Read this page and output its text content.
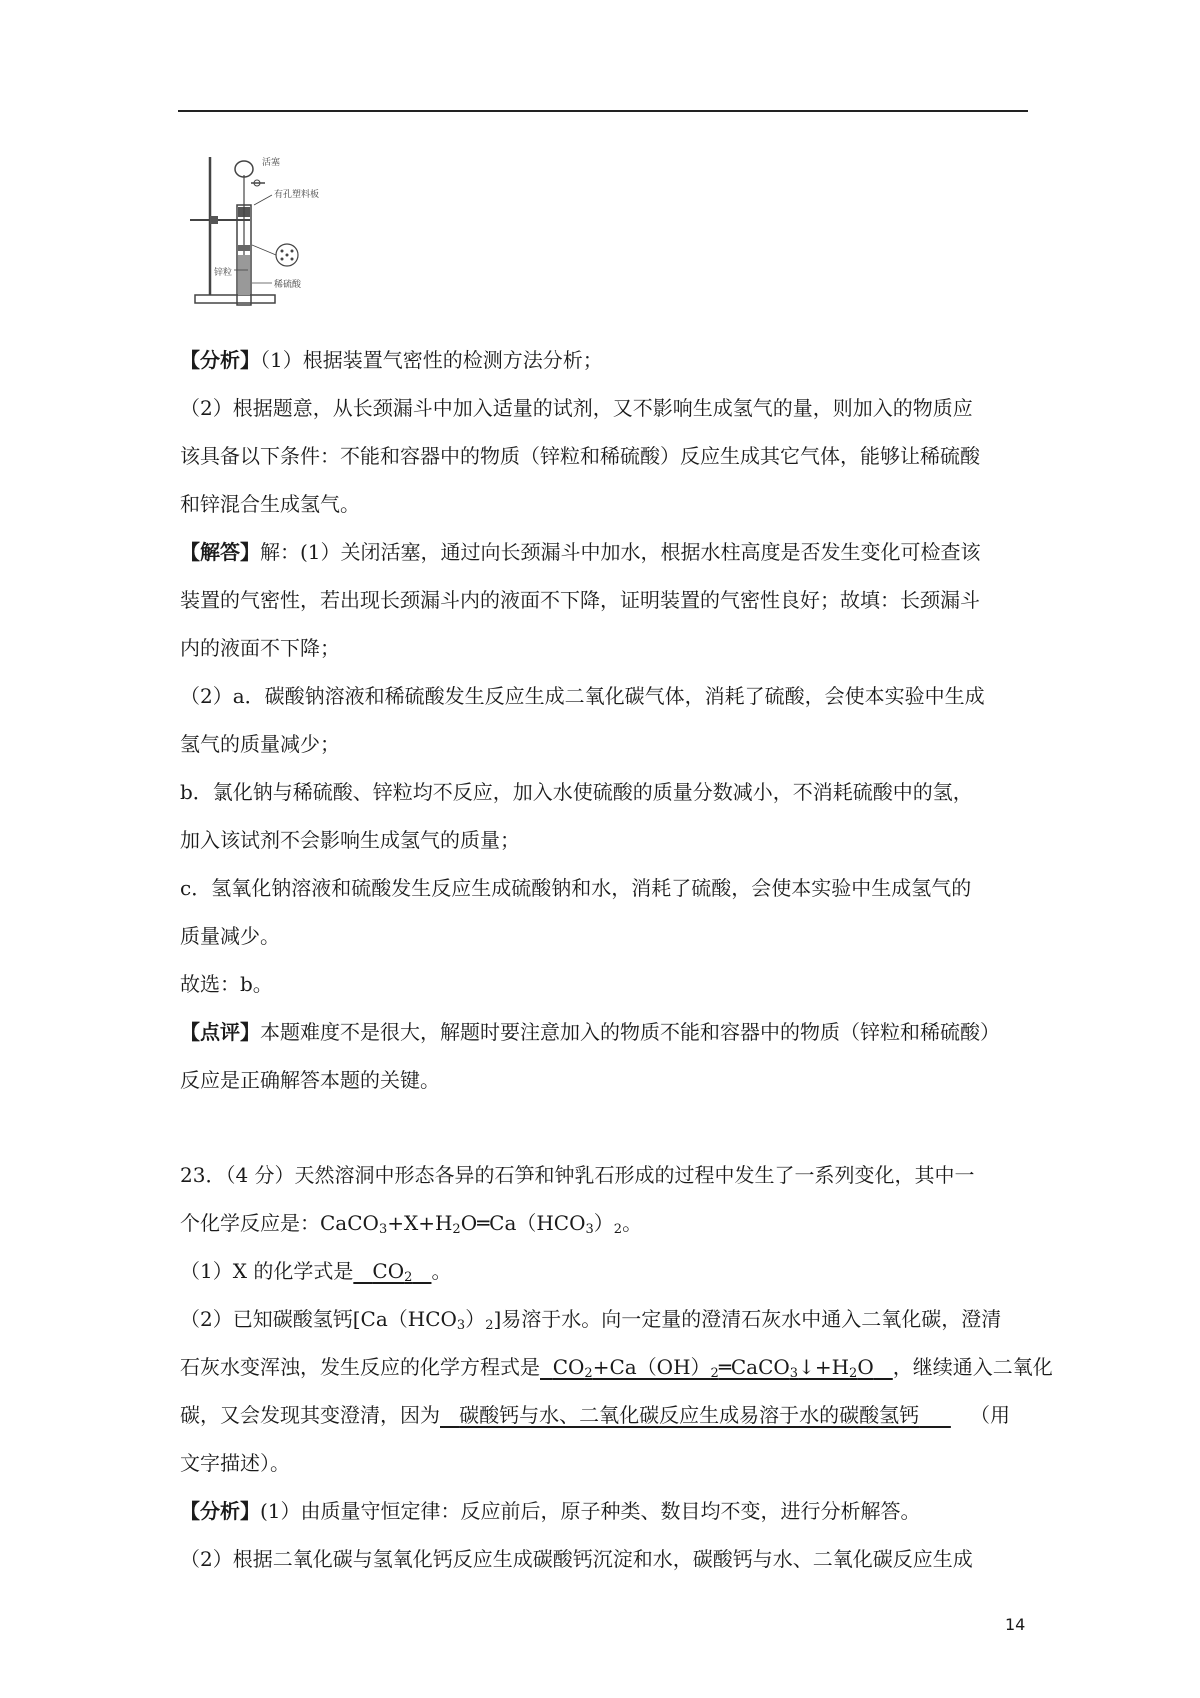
活塞
有孔塑料板
锌粒
稀硫酸
【分析】（1）根据装置气密性的检测方法分析；
（2）根据题意，从长颈漏斗中加入适量的试剂，又不影响生成氢气的量，则加入的物质应
该具备以下条件：不能和容器中的物质（锌粒和稀硫酸）反应生成其它气体，能够让稀硫酸
和锌混合生成氢气。
【解答】解：(1）关闭活塞，通过向长颈漏斗中加水，根据水柱高度是否发生变化可检查该
装置的气密性，若出现长颈漏斗内的液面不下降，证明装置的气密性良好；故填：长颈漏斗
内的液面不下降；
（2）a．碳酸钠溶液和稀硫酸发生反应生成二氧化碳气体，消耗了硫酸，会使本实验中生成
氢气的质量减少；
b．氯化钠与稀硫酸、锌粒均不反应，加入水使硫酸的质量分数减小，不消耗硫酸中的氢，
加入该试剂不会影响生成氢气的质量；
c．氢氧化钠溶液和硫酸发生反应生成硫酸钠和水，消耗了硫酸，会使本实验中生成氢气的
质量减少。
故选：b。
【点评】本题难度不是很大，解题时要注意加入的物质不能和容器中的物质（锌粒和稀硫酸）
反应是正确解答本题的关键。
23．（4 分）天然溶洞中形态各异的石笋和钟乳石形成的过程中发生了一系列变化，其中一
个化学反应是：$CaCO_3+X+H_2O═Ca(HCO_3)_2$。
（1）X 的化学式是 $CO_2$ 。
（2）已知碳酸氢钙$[Ca(HCO_3)_2]$易溶于水。向一定量的澄清石灰水中通入二氧化碳，澄清
石灰水变浑浊，发生反应的化学方程式是 $CO_2+Ca(OH)_2═CaCO_3↓+H_2O$ ，继续通入二氧化
碳，又会发现其变澄清，因为 碳酸钙与水、二氧化碳反应生成易溶于水的碳酸氢钙	（用
文字描述）。
【分析】(1）由质量守恒定律：反应前后，原子种类、数目均不变，进行分析解答。
（2）根据二氧化碳与氢氧化钙反应生成碳酸钙沉淀和水，碳酸钙与水、二氧化碳反应生成
14
